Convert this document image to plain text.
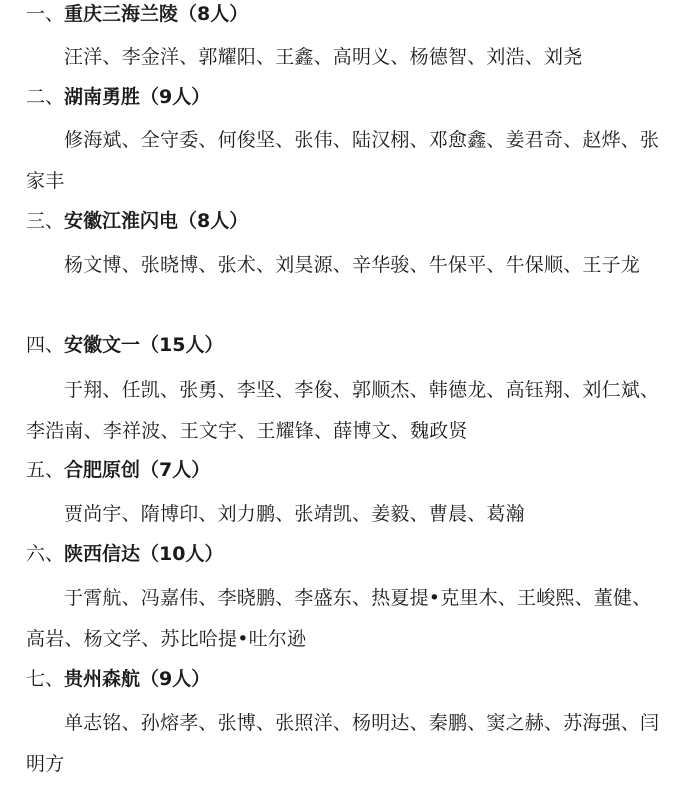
一、重庆三海兰陵（8人）

汪洋、李金洋、郭耀阳、王鑫、高明义、杨德智、刘浩、刘尧

二、湖南勇胜（9人）

修海斌、全守委、何俊坚、张伟、陆汉栩、邓愈鑫、姜君奇、赵烨、张家丰

三、安徽江淮闪电（8人）

杨文博、张晓博、张术、刘昊源、辛华骏、牛保平、牛保顺、王子龙

四、安徽文一（15人）

于翔、任凯、张勇、李坚、李俊、郭顺杰、韩德龙、高钰翔、刘仁斌、李浩南、李祥波、王文宇、王耀锋、薛博文、魏政贤

五、合肥原创（7人）

贾尚宇、隋博印、刘力鹏、张靖凯、姜毅、曹晨、葛瀚

六、陕西信达（10人）

于霄航、冯嘉伟、李晓鹏、李盛东、热夏提•克里木、王峻熙、董健、高岩、杨文学、苏比哈提•吐尔逊

七、贵州森航（9人）

单志铭、孙熔孝、张博、张照洋、杨明达、秦鹏、窦之赫、苏海强、闫明方
